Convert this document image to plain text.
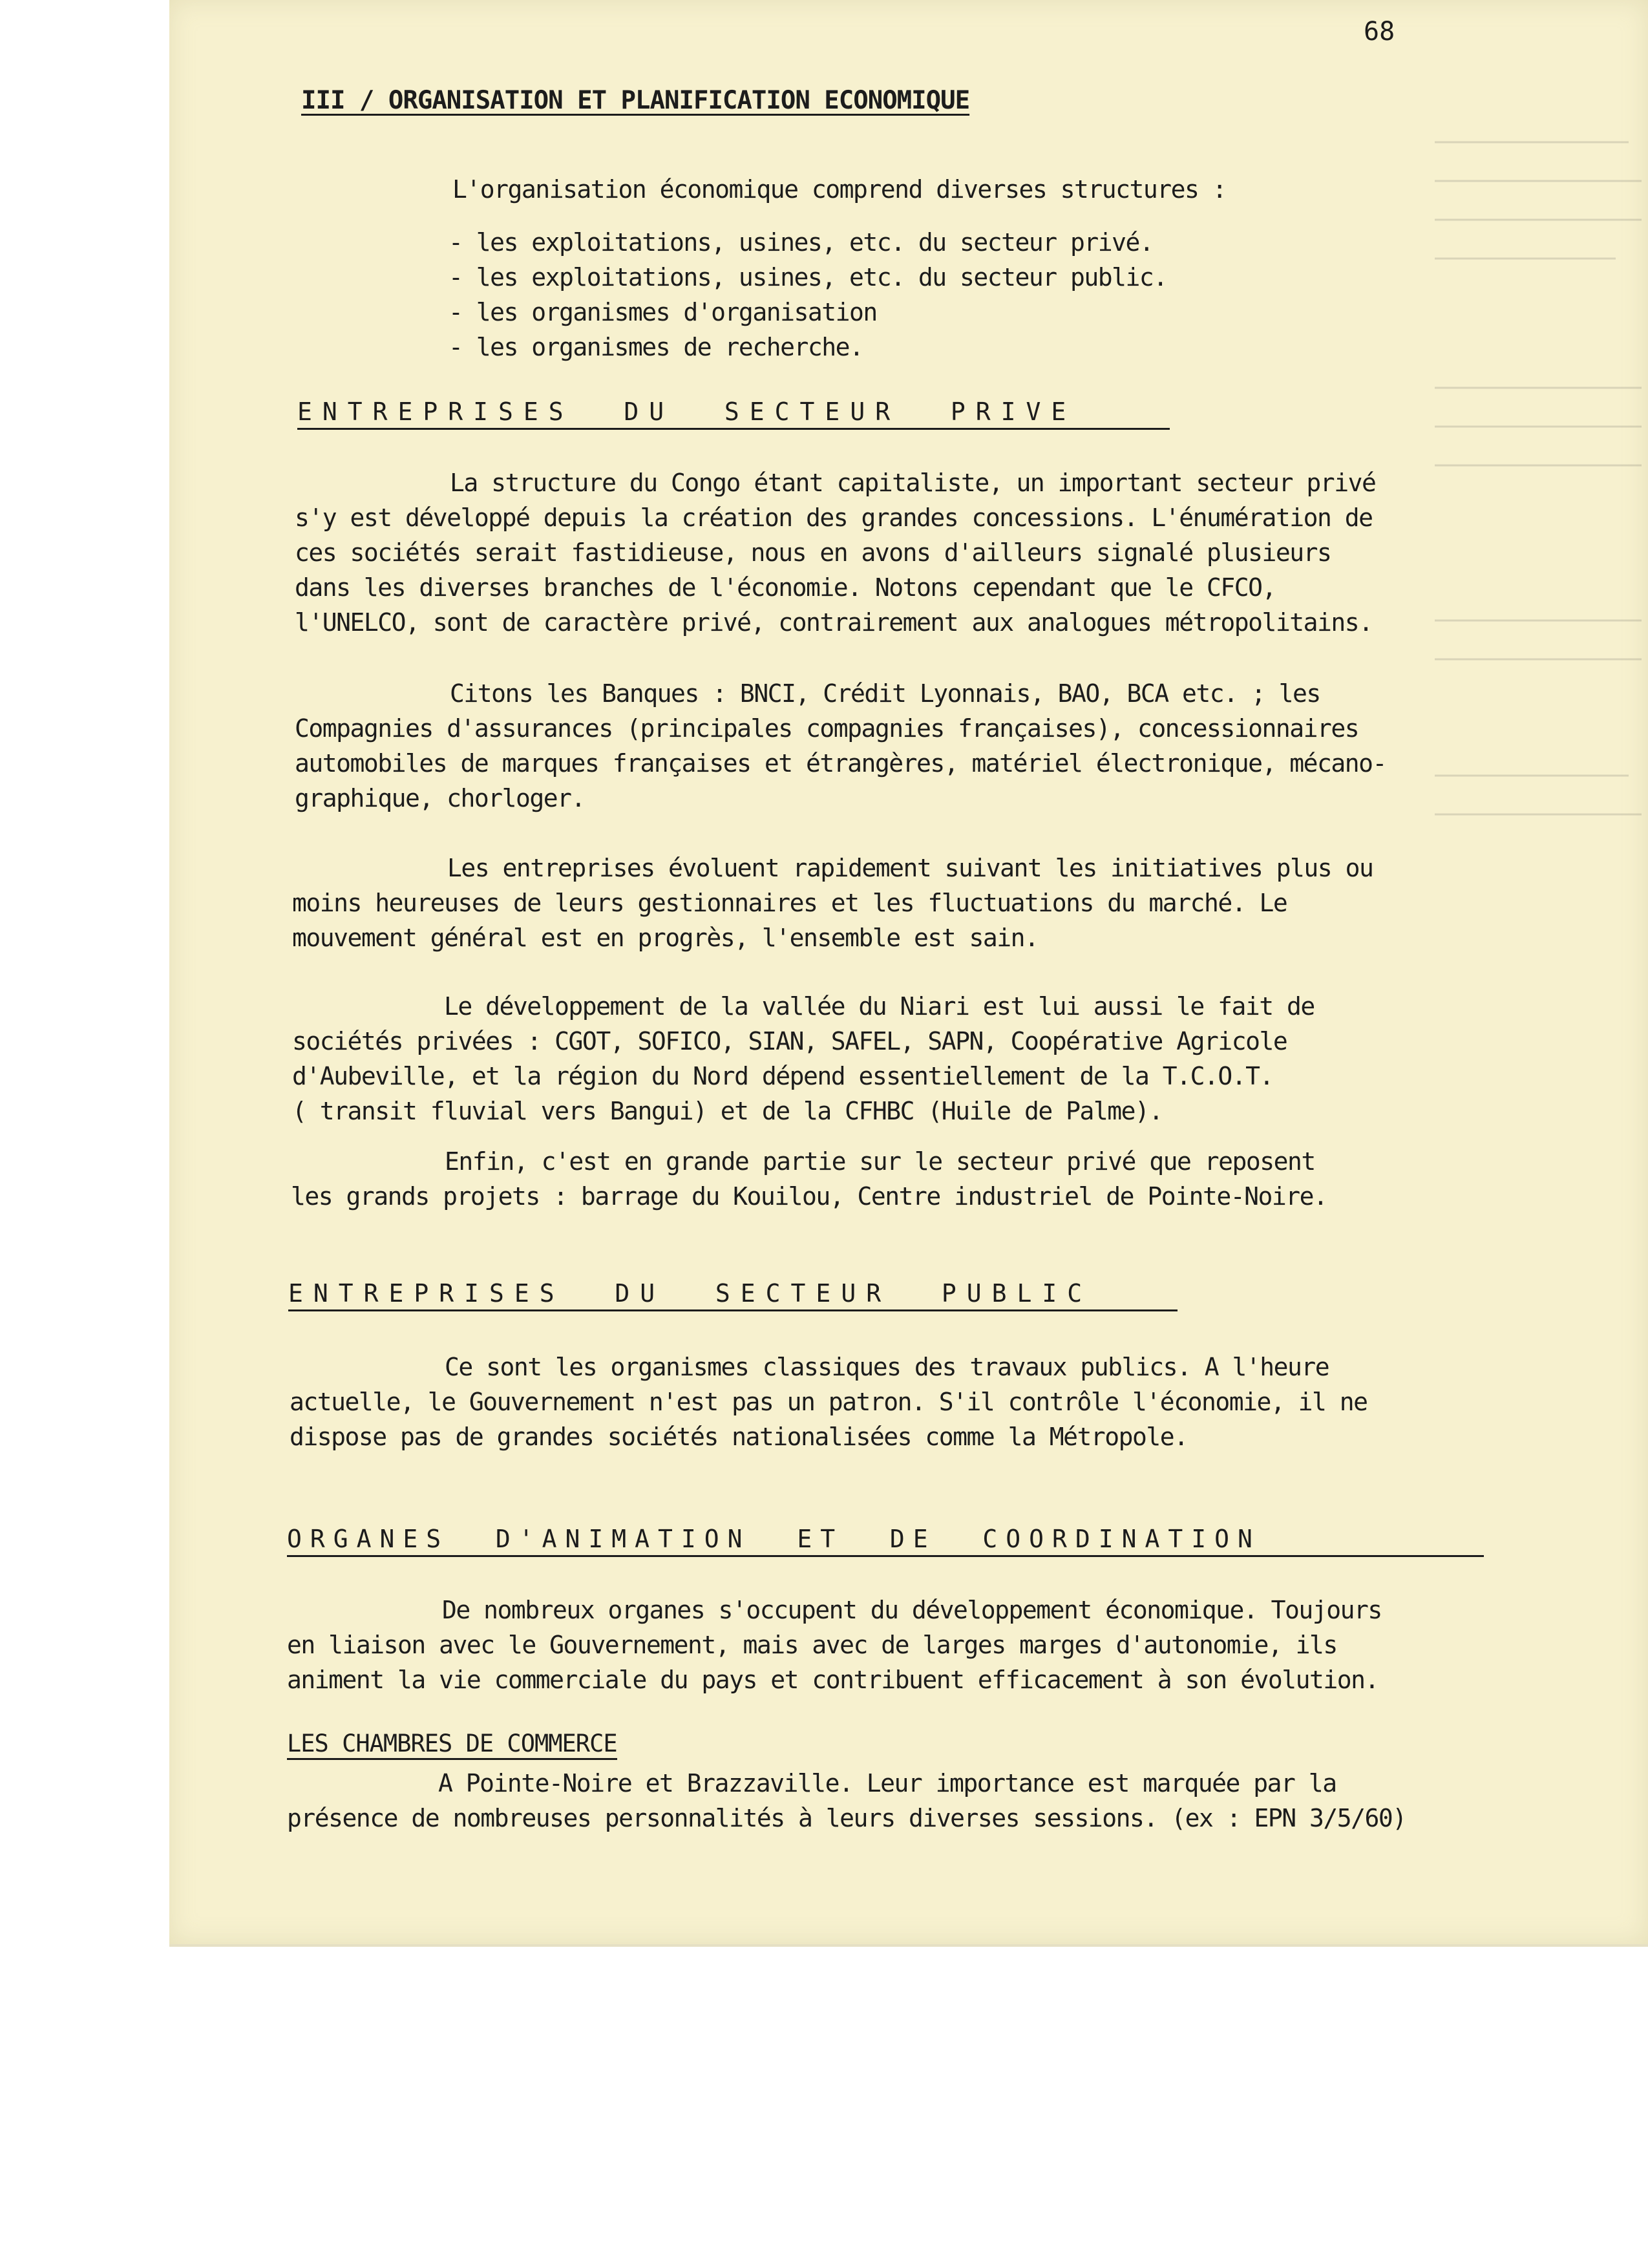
68
III / ORGANISATION ET PLANIFICATION ECONOMIQUE
L'organisation économique comprend diverses structures :
- les exploitations, usines, etc. du secteur privé.
- les exploitations, usines, etc. du secteur public.
- les organismes d'organisation
- les organismes de recherche.
ENTREPRISES  DU  SECTEUR  PRIVE
La structure du Congo étant capitaliste, un important secteur privé
s'y est développé depuis la création des grandes concessions. L'énumération de
ces sociétés serait fastidieuse, nous en avons d'ailleurs signalé plusieurs
dans les diverses branches de l'économie. Notons cependant que le CFCO,
l'UNELCO, sont de caractère privé, contrairement aux analogues métropolitains.
Citons les Banques : BNCI, Crédit Lyonnais, BAO, BCA etc. ; les
Compagnies d'assurances (principales compagnies françaises), concessionnaires
automobiles de marques françaises et étrangères, matériel électronique, mécano-
graphique, chorloger.
Les entreprises évoluent rapidement suivant les initiatives plus ou
moins heureuses de leurs gestionnaires et les fluctuations du marché. Le
mouvement général est en progrès, l'ensemble est sain.
Le développement de la vallée du Niari est lui aussi le fait de
sociétés privées : CGOT, SOFICO, SIAN, SAFEL, SAPN, Coopérative Agricole
d'Aubeville, et la région du Nord dépend essentiellement de la T.C.O.T.
( transit fluvial vers Bangui) et de la CFHBC (Huile de Palme).
Enfin, c'est en grande partie sur le secteur privé que reposent
les grands projets : barrage du Kouilou, Centre industriel de Pointe-Noire.
ENTREPRISES  DU  SECTEUR  PUBLIC
Ce sont les organismes classiques des travaux publics. A l'heure
actuelle, le Gouvernement n'est pas un patron. S'il contrôle l'économie, il ne
dispose pas de grandes sociétés nationalisées comme la Métropole.
ORGANES  D'ANIMATION  ET  DE  COORDINATION
De nombreux organes s'occupent du développement économique. Toujours
en liaison avec le Gouvernement, mais avec de larges marges d'autonomie, ils
animent la vie commerciale du pays et contribuent efficacement à son évolution.
LES CHAMBRES DE COMMERCE
A Pointe-Noire et Brazzaville. Leur importance est marquée par la
présence de nombreuses personnalités à leurs diverses sessions. (ex : EPN 3/5/60)
